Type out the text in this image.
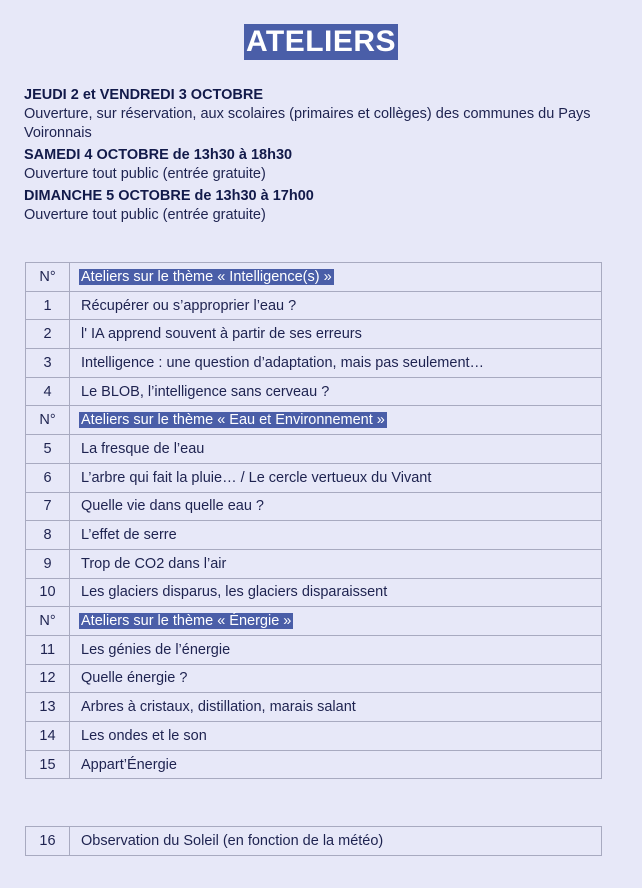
ATELIERS
JEUDI 2 et VENDREDI 3 OCTOBRE
Ouverture, sur réservation, aux scolaires (primaires et collèges) des communes du Pays Voironnais
SAMEDI 4 OCTOBRE de 13h30 à 18h30
Ouverture tout public (entrée gratuite)
DIMANCHE 5 OCTOBRE de 13h30 à 17h00
Ouverture tout public (entrée gratuite)
N°	Ateliers sur le thème « Intelligence(s) »
1	Récupérer ou s’approprier l’eau ?
2	l' IA apprend souvent à partir de ses erreurs
3	Intelligence : une question d’adaptation, mais pas seulement…
4	Le BLOB, l’intelligence sans cerveau ?
N°	Ateliers sur le thème « Eau et Environnement »
5	La fresque de l’eau
6	L’arbre qui fait la pluie… / Le cercle vertueux du Vivant
7	Quelle vie dans quelle eau ?
8	L’effet de serre
9	Trop de CO2 dans l’air
10	Les glaciers disparus, les glaciers disparaissent
N°	Ateliers sur le thème « Énergie »
11	Les génies de l’énergie
12	Quelle énergie ?
13	Arbres à cristaux, distillation, marais salant
14	Les ondes et le son
15	Appart’Énergie
16	Observation du Soleil (en fonction de la météo)
